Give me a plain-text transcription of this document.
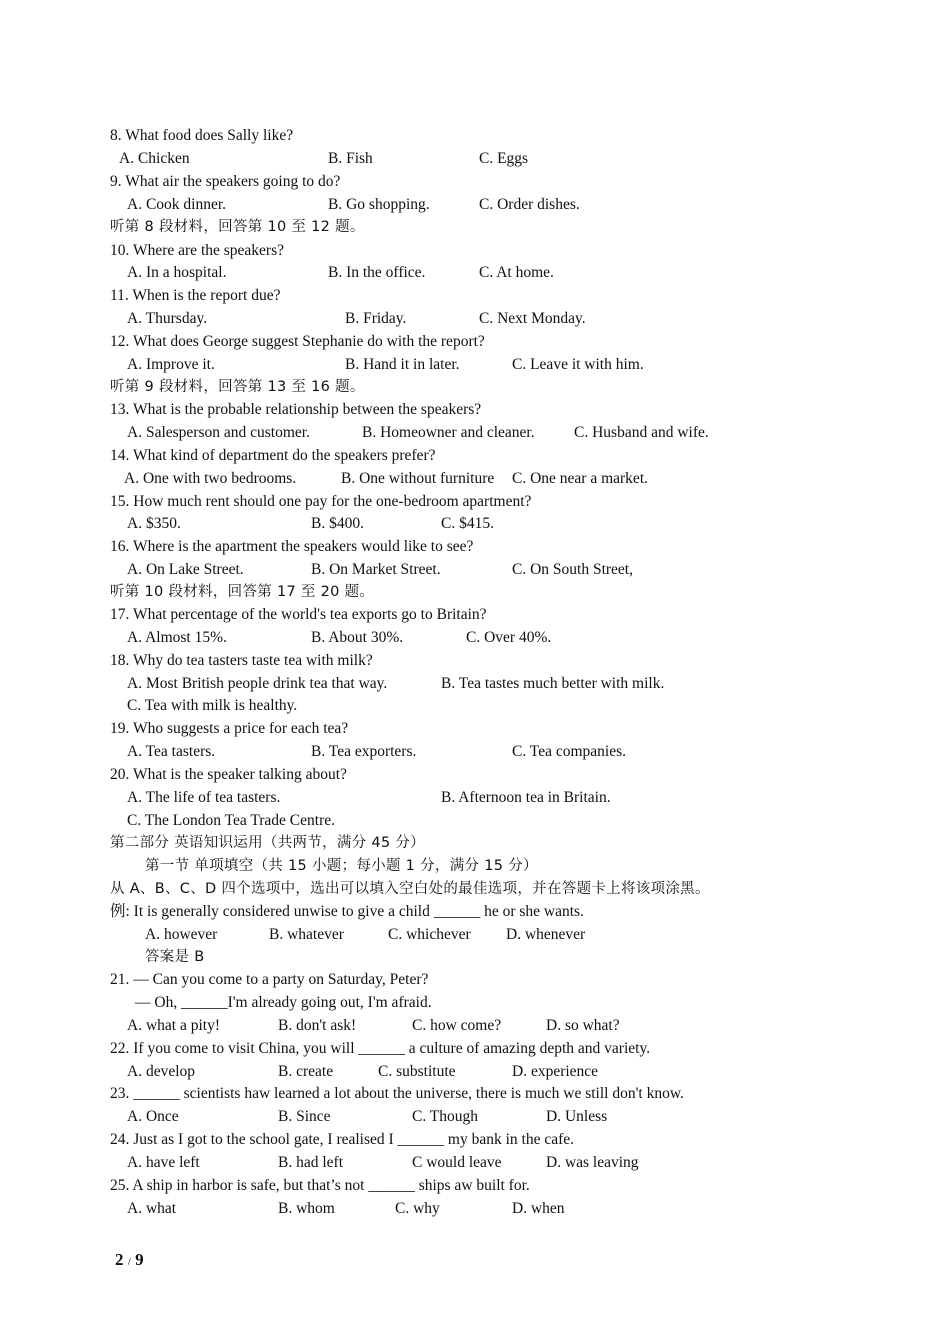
8. What food does Sally like?
A. Chicken	B. Fish	C. Eggs
9. What air the speakers going to do?
A. Cook dinner.	B. Go shopping.	C. Order dishes.
听第 8 段材料，回答第 10 至 12 题。
10. Where are the speakers?
A. In a hospital.	B. In the office.	C. At home.
11. When is the report due?
A. Thursday.	B. Friday.	C. Next Monday.
12. What does George suggest Stephanie do with the report?
A. Improve it.	B. Hand it in later.	C. Leave it with him.
听第 9 段材料，回答第 13 至 16 题。
13. What is the probable relationship between the speakers?
A. Salesperson and customer.	B. Homeowner and cleaner.	C. Husband and wife.
14. What kind of department do the speakers prefer?
A. One with two bedrooms.	B. One without furniture C. One near a market.
15. How much rent should one pay for the one-bedroom apartment?
A. $350.	B. $400.	C. $415.
16. Where is the apartment the speakers would like to see?
A. On Lake Street.	B. On Market Street.	C. On South Street,
听第 10 段材料，回答第 17 至 20 题。
17. What percentage of the world's tea exports go to Britain?
A. Almost 15%.	B. About 30%.	C. Over 40%.
18. Why do tea tasters taste tea with milk?
A. Most British people drink tea that way.	B. Tea tastes much better with milk.
C. Tea with milk is healthy.
19. Who suggests a price for each tea?
A. Tea tasters.	B. Tea exporters.	C. Tea companies.
20. What is the speaker talking about?
A. The life of tea tasters.	B. Afternoon tea in Britain.
C. The London Tea Trade Centre.
第二部分 英语知识运用（共两节，满分 45 分）
第一节 单项填空（共 15 小题；每小题 1 分，满分 15 分）
从 A、B、C、D 四个选项中，选出可以填入空白处的最佳选项，并在答题卡上将该项涂黑。
例: It is generally considered unwise to give a child ______ he or she wants.
A. however	B. whatever	C. whichever D. whenever
答案是 B
21. — Can you come to a party on Saturday, Peter?
— Oh, ______I'm already going out, I'm afraid.
A. what a pity!	B. don't ask!	C. how come?	D. so what?
22. If you come to visit China, you will ______ a culture of amazing depth and variety.
A. develop	B. create	C. substitute	D. experience
23. ______ scientists haw learned a lot about the universe, there is much we still don't know.
A. Once	B. Since	C. Though	D. Unless
24. Just as I got to the school gate, I realised I ______ my bank in the cafe.
A. have left	B. had left	C would leave	D. was leaving
25. A ship in harbor is safe, but that’s not ______ ships aw built for.
A. what	B. whom	C. why	D. when
2 / 9
